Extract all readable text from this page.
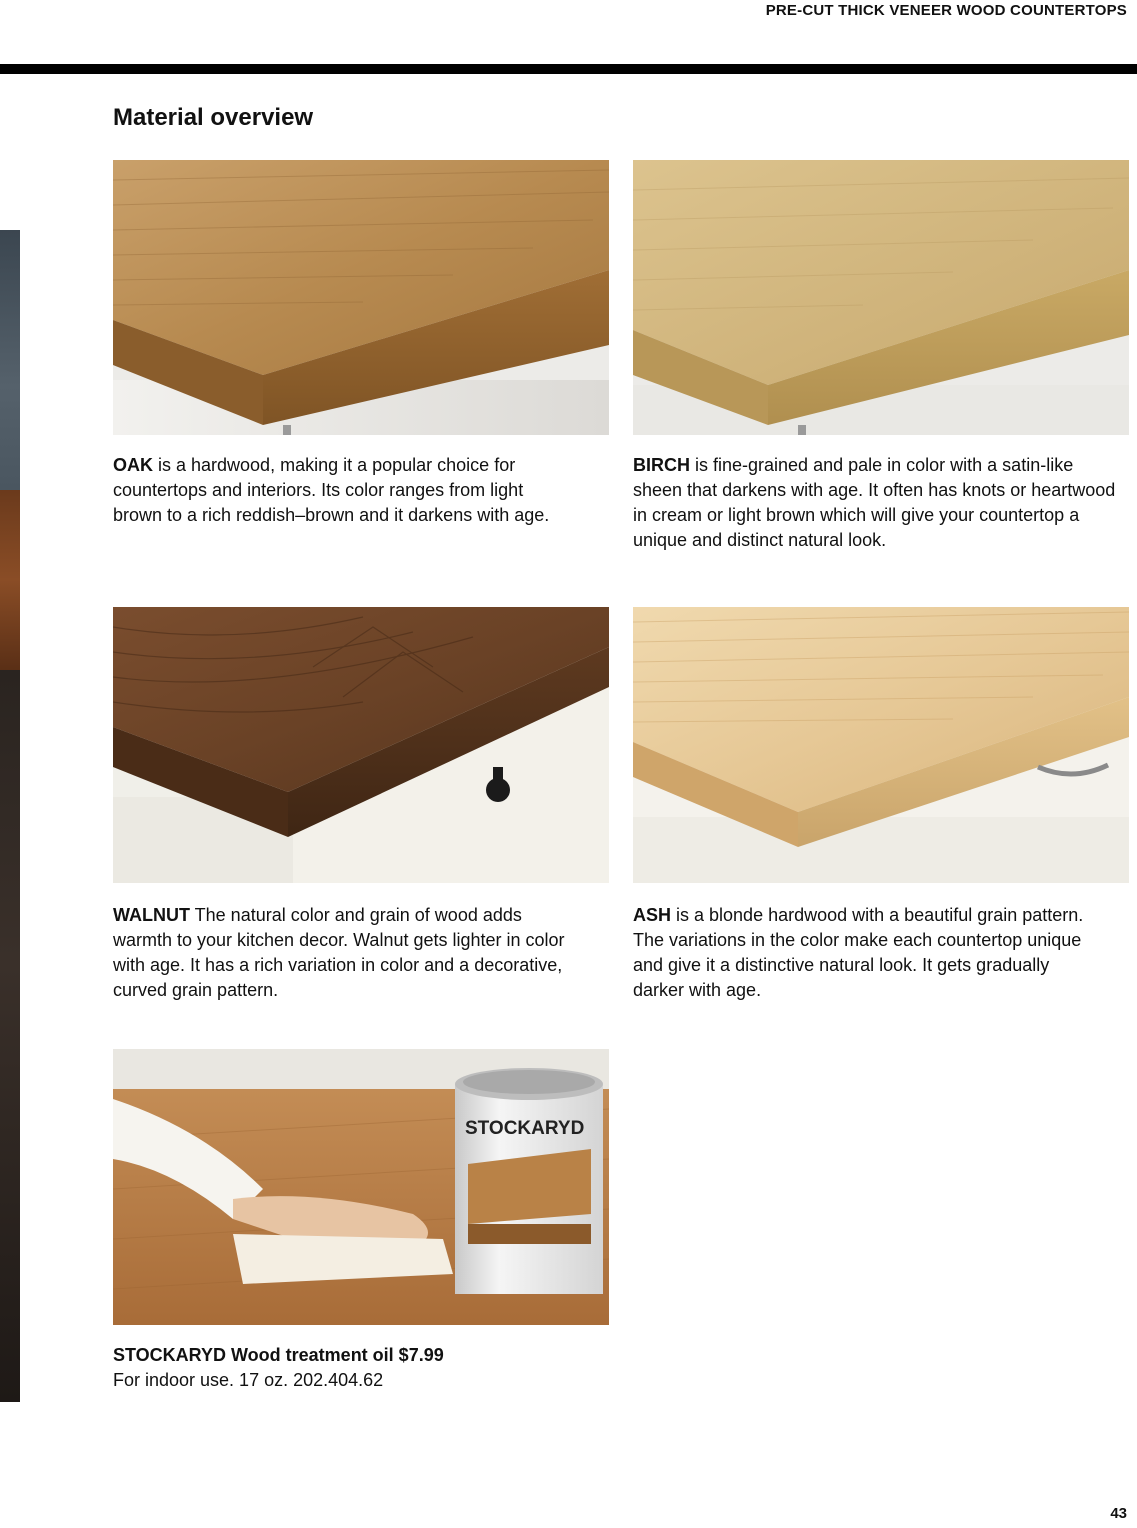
PRE-CUT THICK VENEER WOOD COUNTERTOPS
Material overview
OAK is a hardwood, making it a popular choice for countertops and interiors. Its color ranges from light brown to a rich reddish–brown and it darkens with age.
BIRCH is fine-grained and pale in color with a satin-like sheen that darkens with age. It often has knots or heartwood in cream or light brown which will give your countertop a unique and distinct natural look.
WALNUT The natural color and grain of wood adds warmth to your kitchen decor. Walnut gets lighter in color with age. It has a rich variation in color and a decorative, curved grain pattern.
ASH is a blonde hardwood with a beautiful grain pattern. The variations in the color make each countertop unique and give it a distinctive natural look. It gets gradually darker with age.
STOCKARYD
STOCKARYD Wood treatment oil $7.99
For indoor use. 17 oz. 202.404.62
43
